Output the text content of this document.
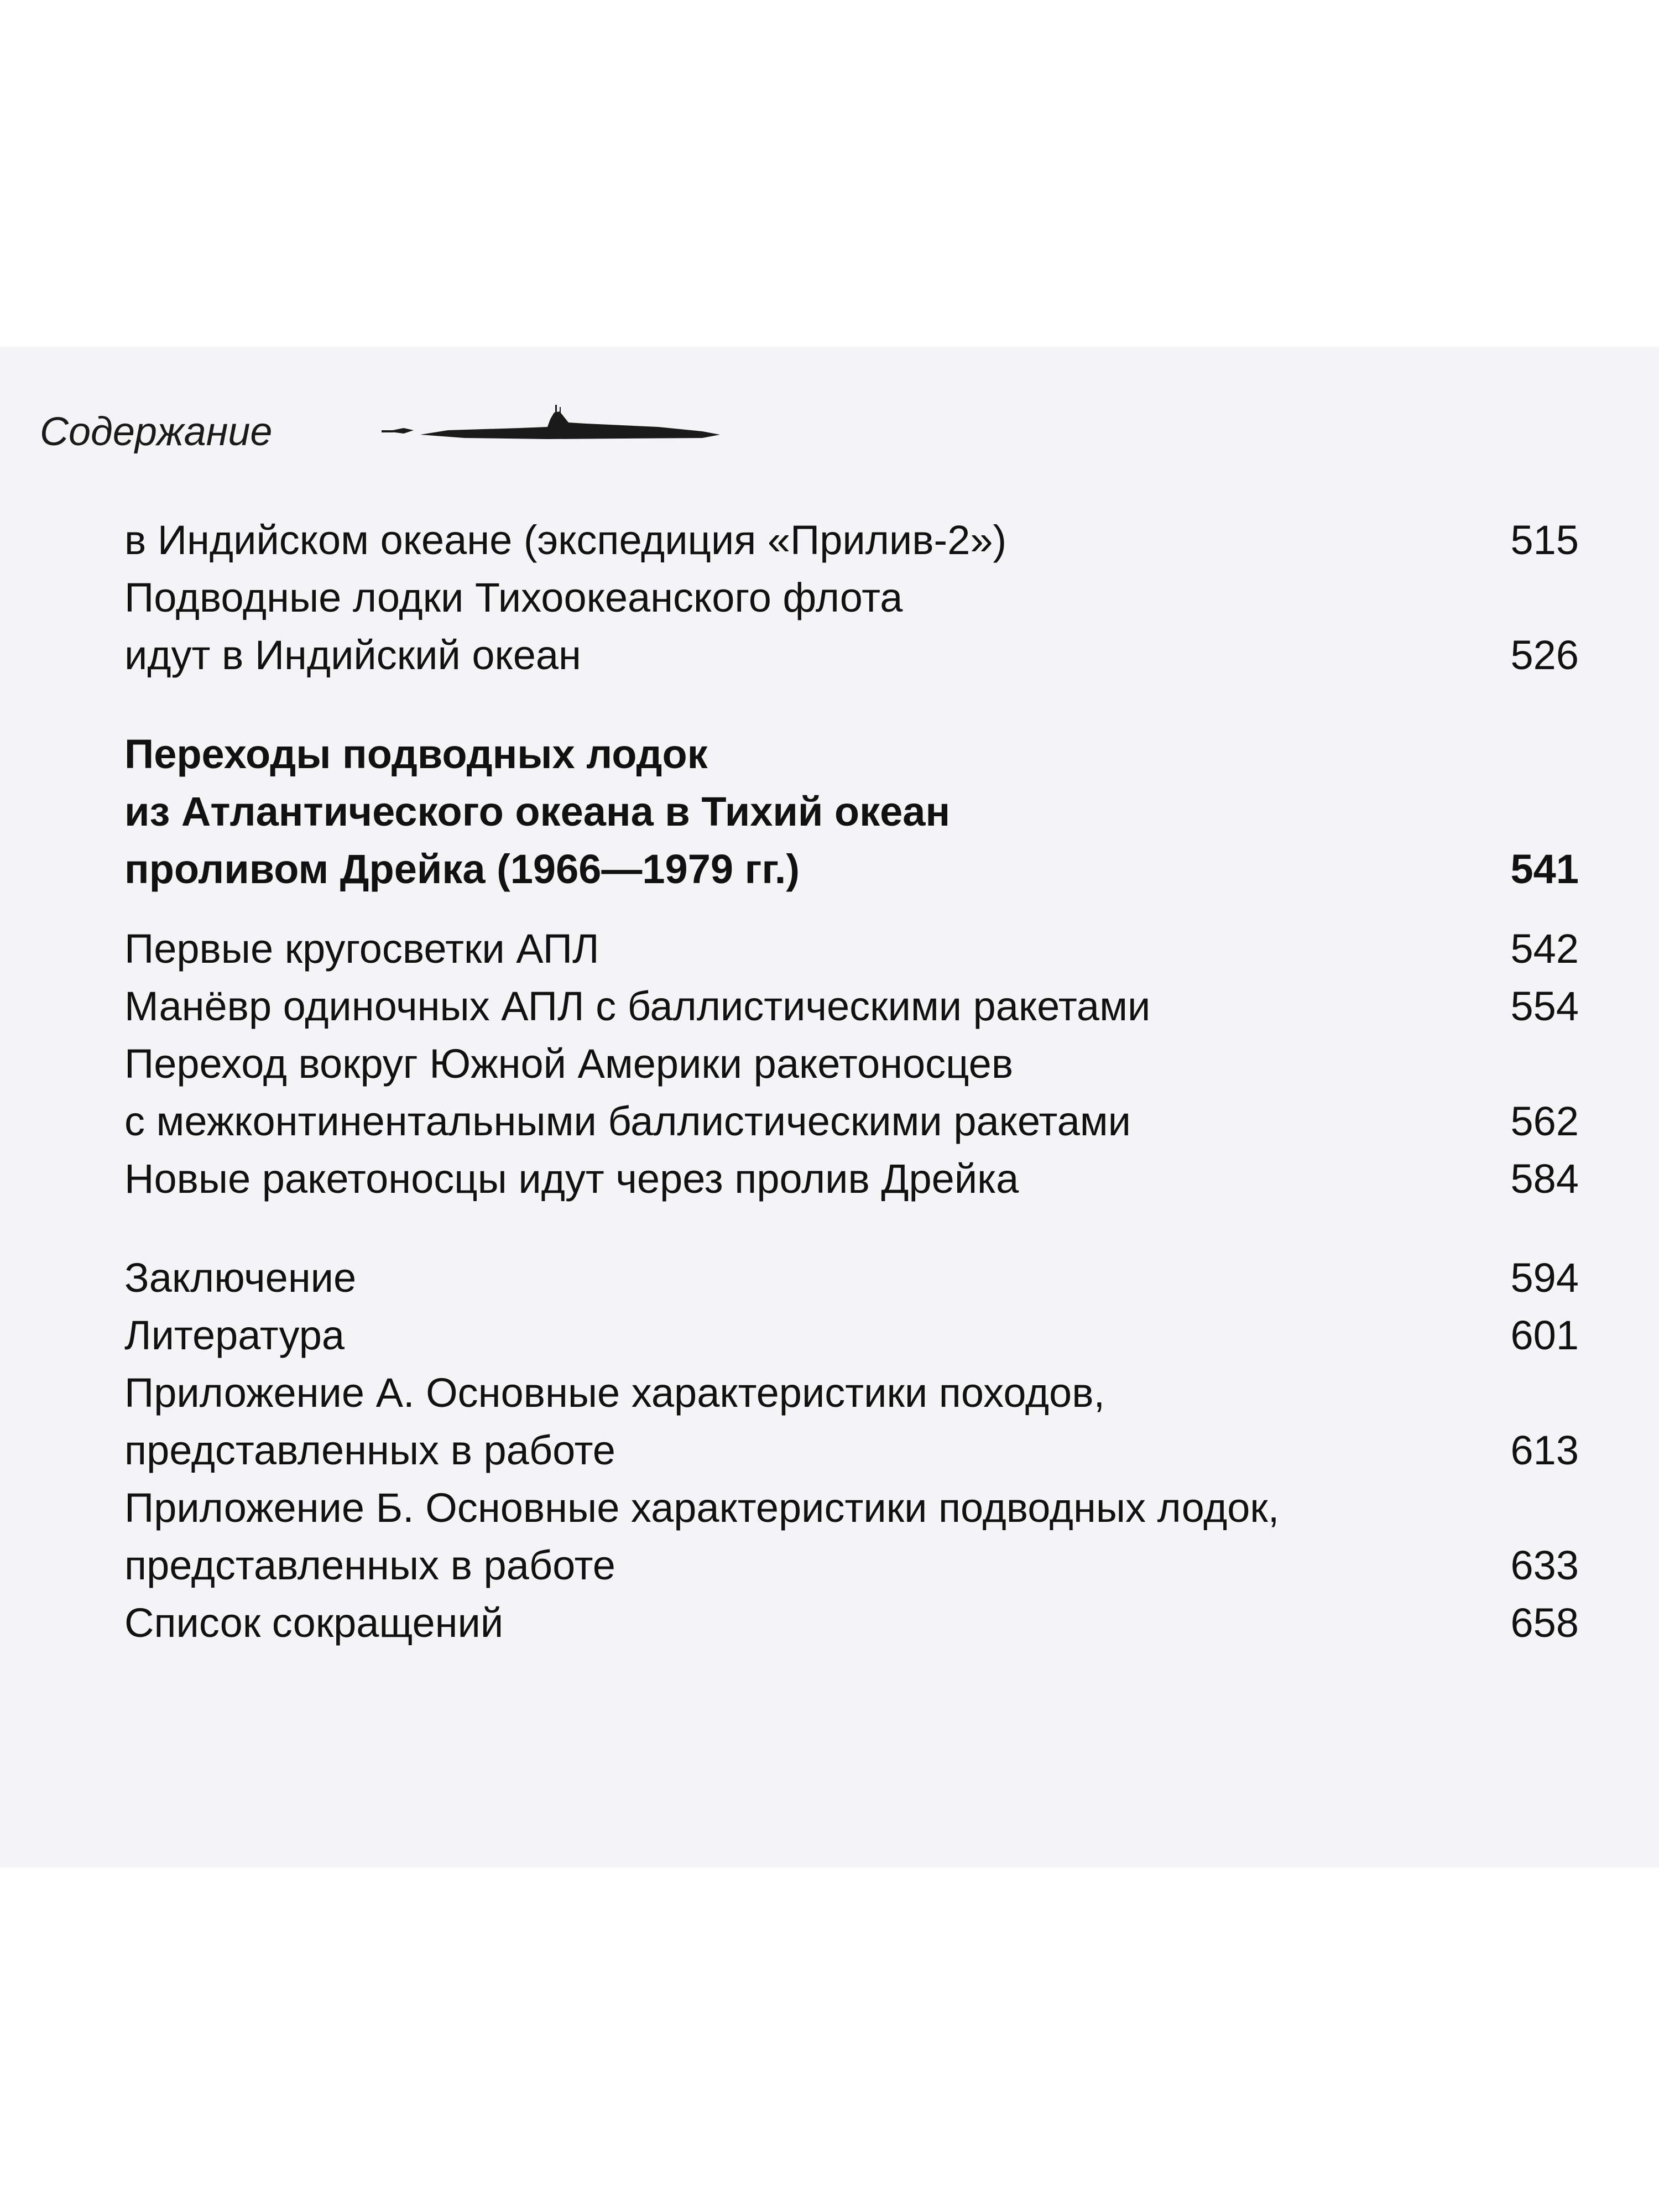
Содержание
в Индийском океане (экспедиция «Прилив-2»)	515
Подводные лодки Тихоокеанского флота
идут в Индийский океан	526
Переходы подводных лодок
из Атлантического океана в Тихий океан
проливом Дрейка (1966—1979 гг.)	541
Первые кругосветки АПЛ	542
Манёвр одиночных АПЛ с баллистическими ракетами	554
Переход вокруг Южной Америки ракетоносцев
с межконтинентальными баллистическими ракетами	562
Новые ракетоносцы идут через пролив Дрейка	584
Заключение	594
Литература	601
Приложение А. Основные характеристики походов,
представленных в работе	613
Приложение Б. Основные характеристики подводных лодок,
представленных в работе	633
Список сокращений	658
